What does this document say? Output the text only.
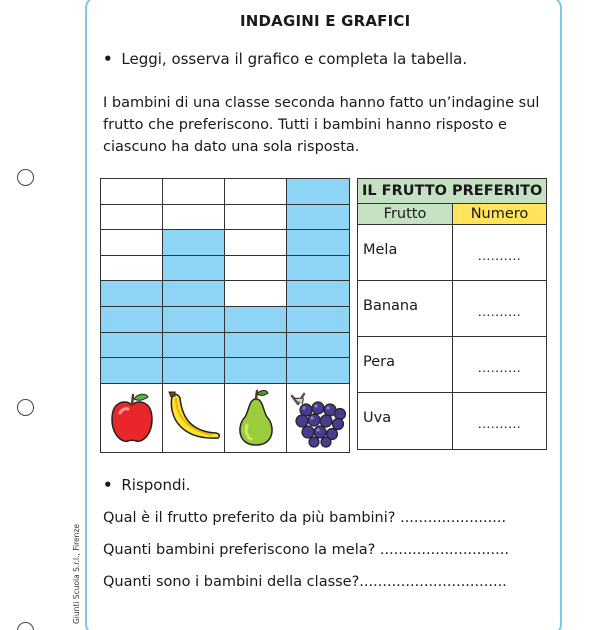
INDAGINI E GRAFICI
• Leggi, osserva il grafico e completa la tabella.
I bambini di una classe seconda hanno fatto un’indagine sul frutto che preferiscono. Tutti i bambini hanno risposto e ciascuno ha dato una sola risposta.
IL FRUTTO PREFERITO
Frutto	Numero
Mela	..........
Banana	..........
Pera	..........
Uva	..........
• Rispondi.
Qual è il frutto preferito da più bambini? .......................
Quanti bambini preferiscono la mela? ............................
Quanti sono i bambini della classe?................................
Giunti Scuola S.r.l., Firenze
